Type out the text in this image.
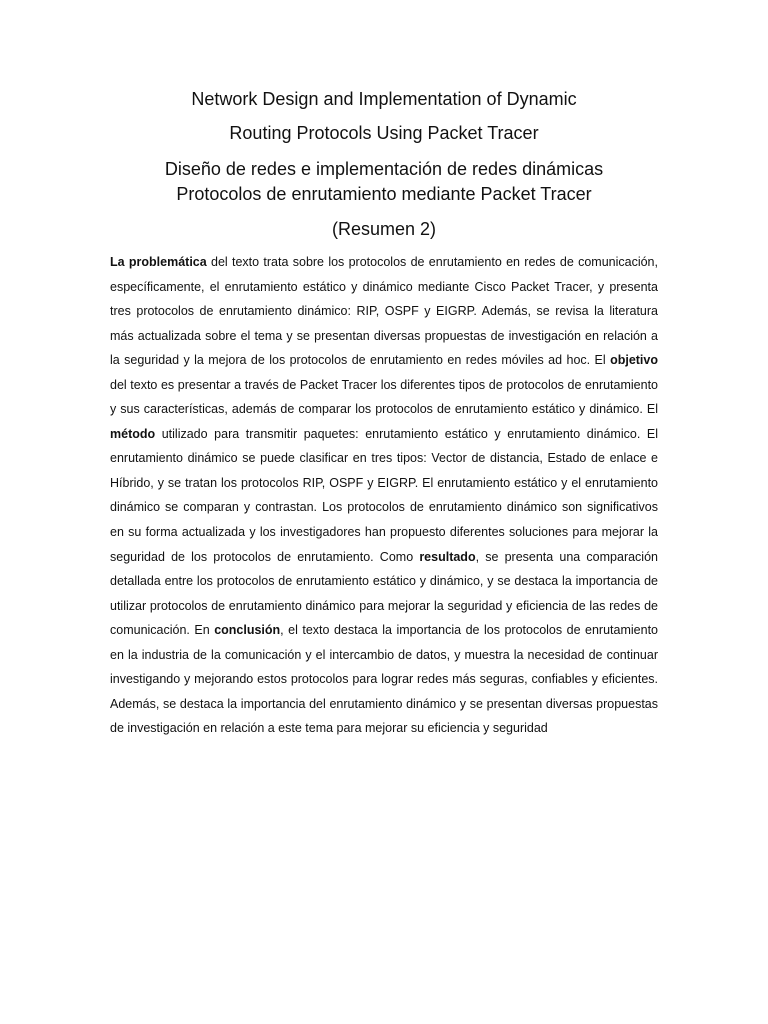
Network Design and Implementation of Dynamic
Routing Protocols Using Packet Tracer
Diseño de redes e implementación de redes dinámicas
Protocolos de enrutamiento mediante Packet Tracer
(Resumen 2)
La problemática del texto trata sobre los protocolos de enrutamiento en redes de comunicación, específicamente, el enrutamiento estático y dinámico mediante Cisco Packet Tracer, y presenta tres protocolos de enrutamiento dinámico: RIP, OSPF y EIGRP. Además, se revisa la literatura más actualizada sobre el tema y se presentan diversas propuestas de investigación en relación a la seguridad y la mejora de los protocolos de enrutamiento en redes móviles ad hoc. El objetivo del texto es presentar a través de Packet Tracer los diferentes tipos de protocolos de enrutamiento y sus características, además de comparar los protocolos de enrutamiento estático y dinámico. El método utilizado para transmitir paquetes: enrutamiento estático y enrutamiento dinámico. El enrutamiento dinámico se puede clasificar en tres tipos: Vector de distancia, Estado de enlace e Híbrido, y se tratan los protocolos RIP, OSPF y EIGRP. El enrutamiento estático y el enrutamiento dinámico se comparan y contrastan. Los protocolos de enrutamiento dinámico son significativos en su forma actualizada y los investigadores han propuesto diferentes soluciones para mejorar la seguridad de los protocolos de enrutamiento. Como resultado, se presenta una comparación detallada entre los protocolos de enrutamiento estático y dinámico, y se destaca la importancia de utilizar protocolos de enrutamiento dinámico para mejorar la seguridad y eficiencia de las redes de comunicación. En conclusión, el texto destaca la importancia de los protocolos de enrutamiento en la industria de la comunicación y el intercambio de datos, y muestra la necesidad de continuar investigando y mejorando estos protocolos para lograr redes más seguras, confiables y eficientes. Además, se destaca la importancia del enrutamiento dinámico y se presentan diversas propuestas de investigación en relación a este tema para mejorar su eficiencia y seguridad
